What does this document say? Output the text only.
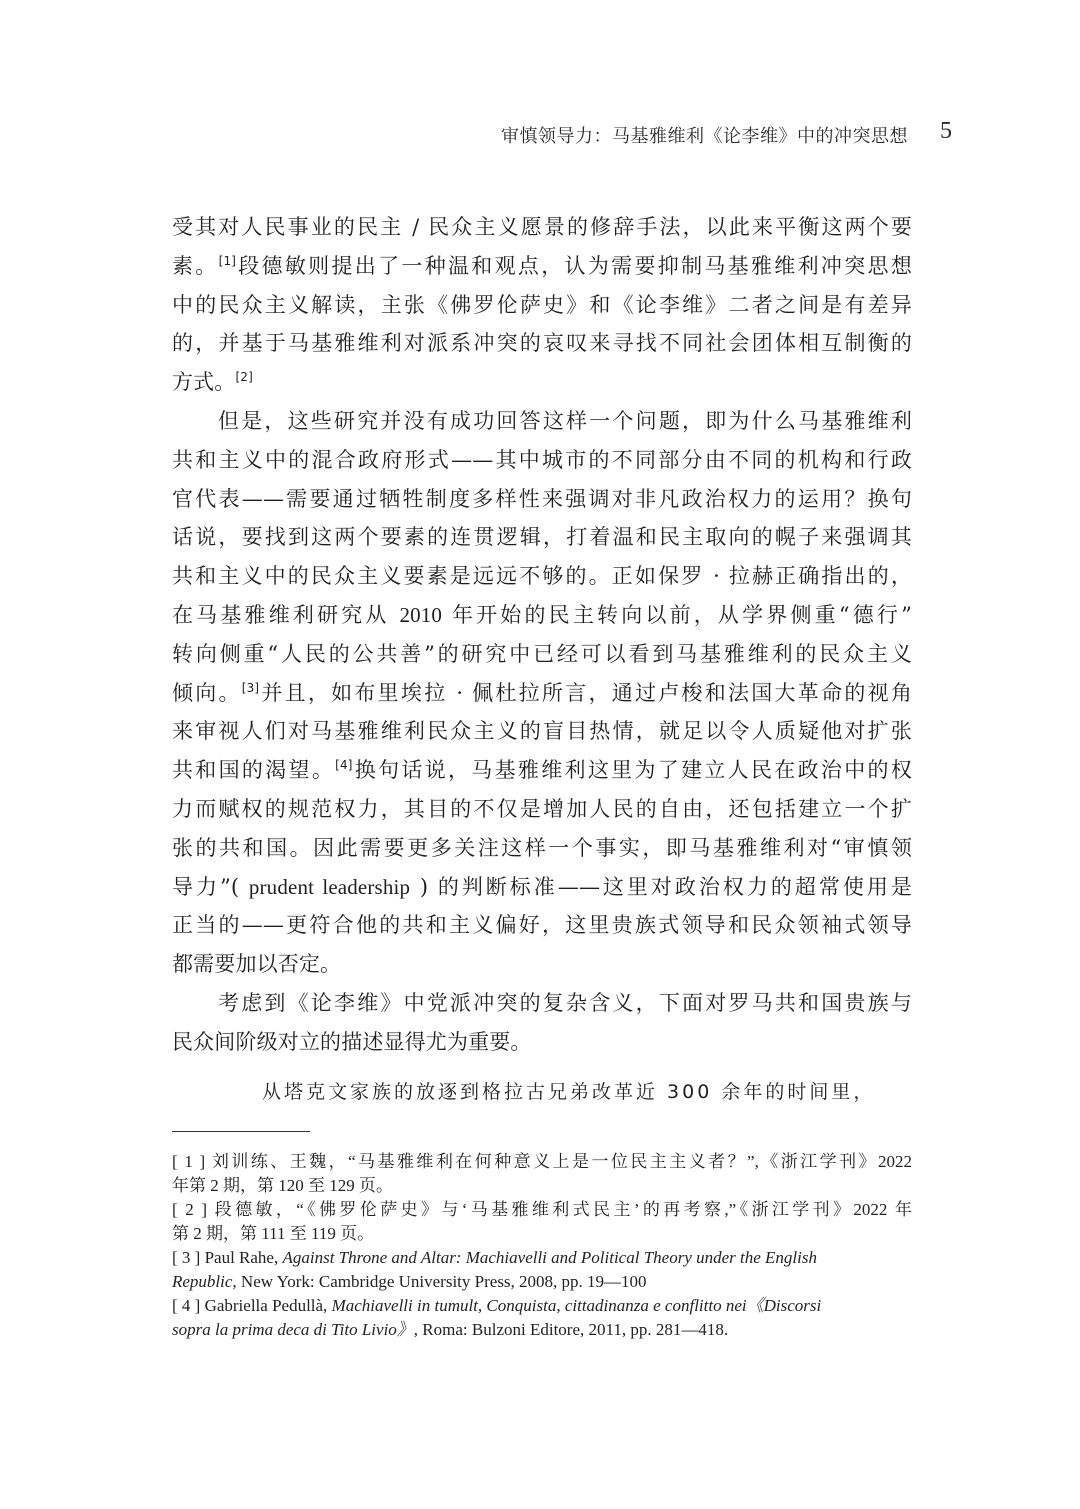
审慎领导力：马基雅维利《论李维》中的冲突思想 5
受其对人民事业的民主 / 民众主义愿景的修辞手法，以此来平衡这两个要
素。[1]段德敏则提出了一种温和观点，认为需要抑制马基雅维利冲突思想
中的民众主义解读，主张《佛罗伦萨史》和《论李维》二者之间是有差异
的，并基于马基雅维利对派系冲突的哀叹来寻找不同社会团体相互制衡的
方式。[2]
但是，这些研究并没有成功回答这样一个问题，即为什么马基雅维利
共和主义中的混合政府形式——其中城市的不同部分由不同的机构和行政
官代表——需要通过牺牲制度多样性来强调对非凡政治权力的运用？换句
话说，要找到这两个要素的连贯逻辑，打着温和民主取向的幌子来强调其
共和主义中的民众主义要素是远远不够的。正如保罗 · 拉赫正确指出的，
在马基雅维利研究从 2010 年开始的民主转向以前，从学界侧重“德行”
转向侧重“人民的公共善”的研究中已经可以看到马基雅维利的民众主义
倾向。[3]并且，如布里埃拉 · 佩杜拉所言，通过卢梭和法国大革命的视角
来审视人们对马基雅维利民众主义的盲目热情，就足以令人质疑他对扩张
共和国的渴望。[4]换句话说，马基雅维利这里为了建立人民在政治中的权
力而赋权的规范权力，其目的不仅是增加人民的自由，还包括建立一个扩
张的共和国。因此需要更多关注这样一个事实，即马基雅维利对“审慎领
导力”( prudent leadership ) 的判断标准——这里对政治权力的超常使用是
正当的——更符合他的共和主义偏好，这里贵族式领导和民众领袖式领导
都需要加以否定。
考虑到《论李维》中党派冲突的复杂含义，下面对罗马共和国贵族与
民众间阶级对立的描述显得尤为重要。
从塔克文家族的放逐到格拉古兄弟改革近 300 余年的时间里，
[ 1 ] 刘训练、王魏，“马基雅维利在何种意义上是一位民主主义者？”,《浙江学刊》2022
年第 2 期，第 120 至 129 页。
[ 2 ] 段德敏，“《佛罗伦萨史》与‘马基雅维利式民主’的再考察,”《浙江学刊》2022 年
第 2 期，第 111 至 119 页。
[ 3 ] Paul Rahe, Against Throne and Altar: Machiavelli and Political Theory under the English
Republic, New York: Cambridge University Press, 2008, pp. 19—100
[ 4 ] Gabriella Pedullà, Machiavelli in tumult, Conquista, cittadinanza e conflitto nei《Discorsi
sopra la prima deca di Tito Livio》, Roma: Bulzoni Editore, 2011, pp. 281—418.
